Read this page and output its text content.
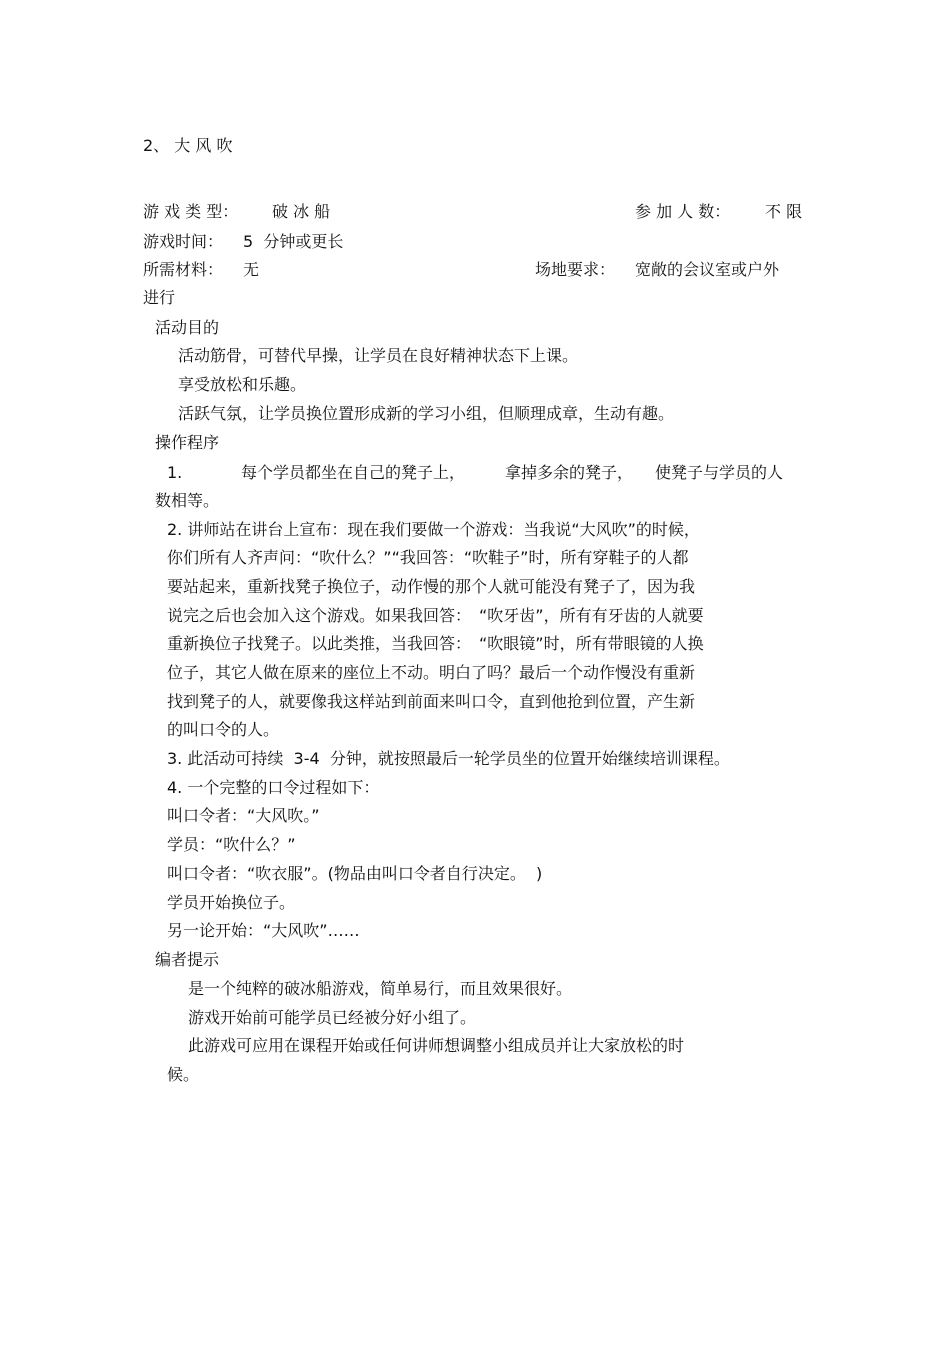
2、 大 风 吹
游 戏 类 型： 破 冰 船	参 加 人 数： 不 限
游戏时间： 5  分钟或更长
所需材料： 无	场地要求： 宽敞的会议室或户外
进行
活动目的
活动筋骨，可替代早操，让学员在良好精神状态下上课。
享受放松和乐趣。
活跃气氛，让学员换位置形成新的学习小组，但顺理成章，生动有趣。
操作程序
1.	每个学员都坐在自己的凳子上， 拿掉多余的凳子， 使凳子与学员的人
数相等。
2. 讲师站在讲台上宣布：现在我们要做一个游戏：当我说“大风吹”的时候，
你们所有人齐声问：“吹什么？”“我回答：“吹鞋子”时，所有穿鞋子的人都
要站起来，重新找凳子换位子，动作慢的那个人就可能没有凳子了，因为我
说完之后也会加入这个游戏。如果我回答：　“吹牙齿”，所有有牙齿的人就要
重新换位子找凳子。以此类推，当我回答：　“吹眼镜”时，所有带眼镜的人换
位子，其它人做在原来的座位上不动。明白了吗？最后一个动作慢没有重新
找到凳子的人，就要像我这样站到前面来叫口令，直到他抢到位置，产生新
的叫口令的人。
3. 此活动可持续  3-4  分钟，就按照最后一轮学员坐的位置开始继续培训课程。
4. 一个完整的口令过程如下：
叫口令者：“大风吹。”
学员：“吹什么？”
叫口令者：“吹衣服”。(物品由叫口令者自行决定。  )
学员开始换位子。
另一论开始：“大风吹”……
编者提示
是一个纯粹的破冰船游戏，简单易行，而且效果很好。
游戏开始前可能学员已经被分好小组了。
此游戏可应用在课程开始或任何讲师想调整小组成员并让大家放松的时
候。
